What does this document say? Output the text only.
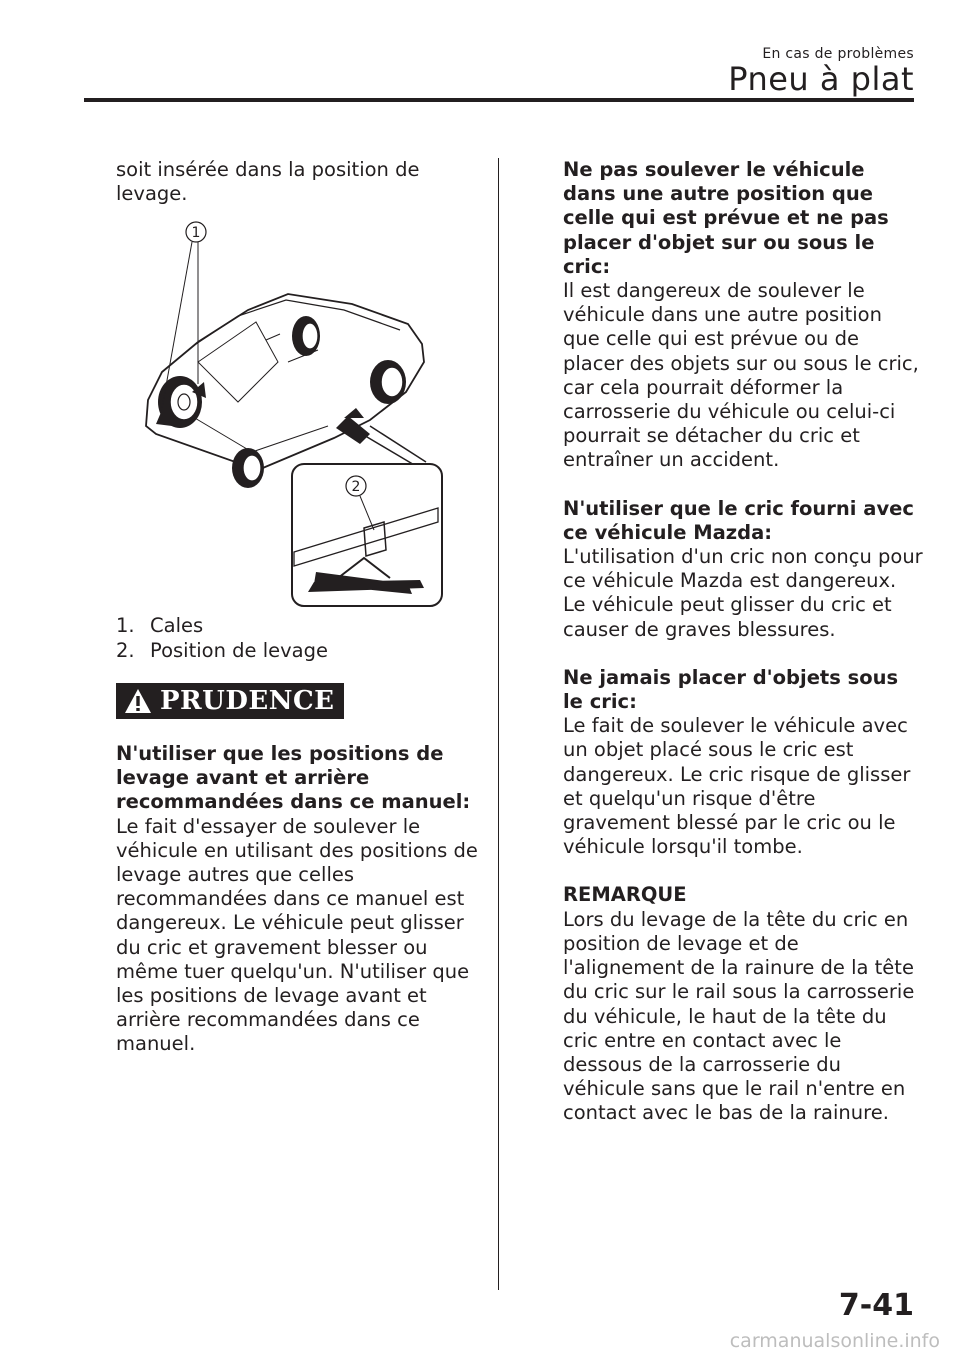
En cas de problèmes
Pneu à plat

soit insérée dans la position de levage.

1
2
1. Cales
2. Position de levage
PRUDENCE

N'utiliser que les positions de levage avant et arrière recommandées dans ce manuel:

Le fait d'essayer de soulever le véhicule en utilisant des positions de levage autres que celles recommandées dans ce manuel est dangereux. Le véhicule peut glisser du cric et gravement blesser ou même tuer quelqu'un. N'utiliser que les positions de levage avant et arrière recommandées dans ce manuel.

Ne pas soulever le véhicule dans une autre position que celle qui est prévue et ne pas placer d'objet sur ou sous le cric:

Il est dangereux de soulever le véhicule dans une autre position que celle qui est prévue ou de placer des objets sur ou sous le cric, car cela pourrait déformer la carrosserie du véhicule ou celui-ci pourrait se détacher du cric et entraîner un accident.

N'utiliser que le cric fourni avec ce véhicule Mazda:

L'utilisation d'un cric non conçu pour ce véhicule Mazda est dangereux. Le véhicule peut glisser du cric et causer de graves blessures.

Ne jamais placer d'objets sous le cric:

Le fait de soulever le véhicule avec un objet placé sous le cric est dangereux. Le cric risque de glisser et quelqu'un risque d'être gravement blessé par le cric ou le véhicule lorsqu'il tombe.

REMARQUE

Lors du levage de la tête du cric en position de levage et de l'alignement de la rainure de la tête du cric sur le rail sous la carrosserie du véhicule, le haut de la tête du cric entre en contact avec le dessous de la carrosserie du véhicule sans que le rail n'entre en contact avec le bas de la rainure.

7-41
carmanualsonline.info
